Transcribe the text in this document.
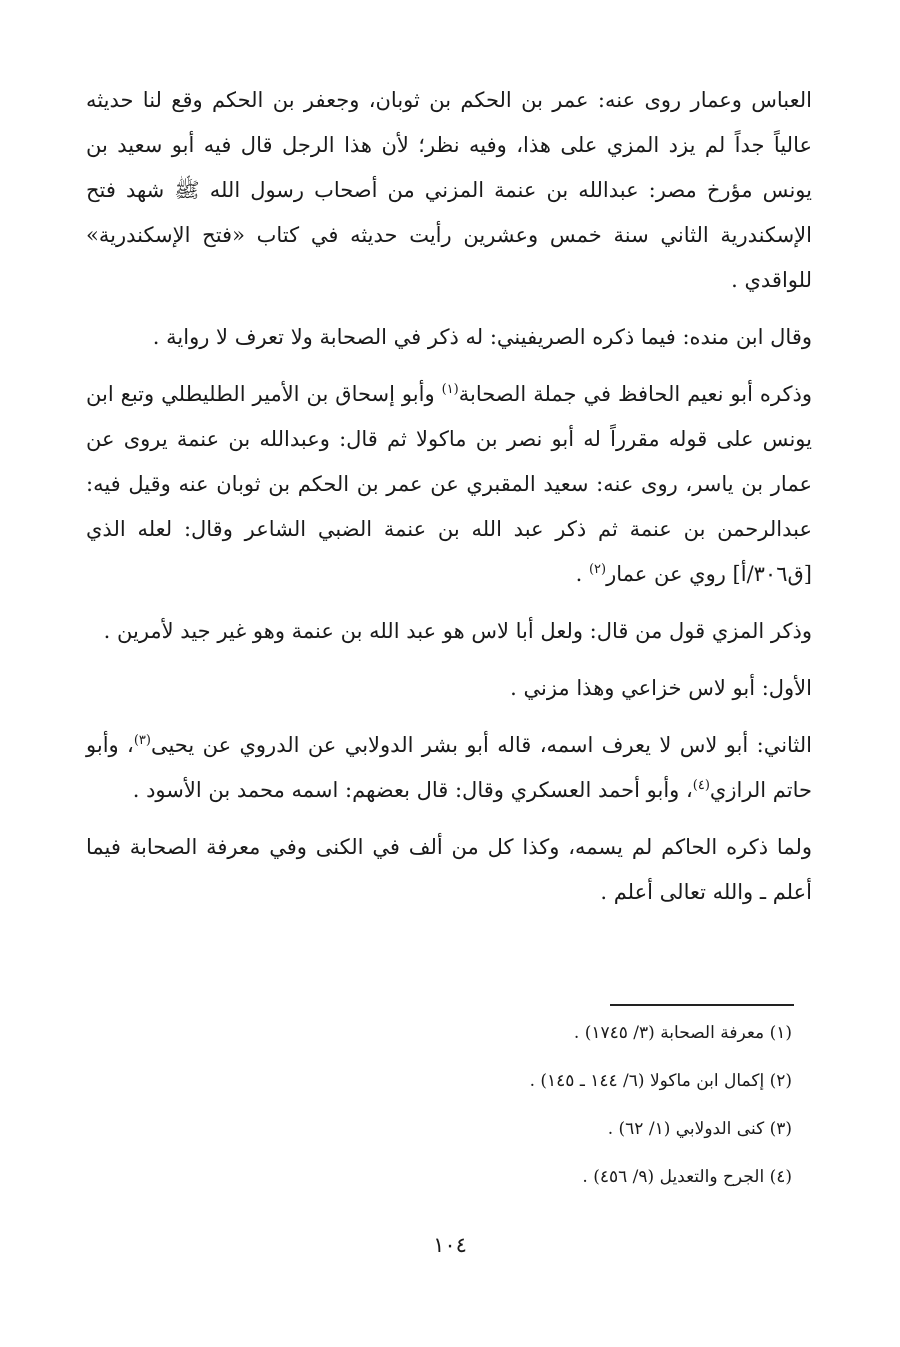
العباس وعمار روى عنه: عمر بن الحكم بن ثوبان، وجعفر بن الحكم وقع لنا حديثه عالياً جداً لم يزد المزي على هذا، وفيه نظر؛ لأن هذا الرجل قال فيه أبو سعيد بن يونس مؤرخ مصر: عبدالله بن عنمة المزني من أصحاب رسول الله ﷺ شهد فتح الإسكندرية الثاني سنة خمس وعشرين رأيت حديثه في كتاب «فتح الإسكندرية» للواقدي .

وقال ابن منده: فيما ذكره الصريفيني: له ذكر في الصحابة ولا تعرف لا رواية .

وذكره أبو نعيم الحافظ في جملة الصحابة$^{(١)}$ وأبو إسحاق بن الأمير الطليطلي وتبع ابن يونس على قوله مقرراً له أبو نصر بن ماكولا ثم قال: وعبدالله بن عنمة يروى عن عمار بن ياسر، روى عنه: سعيد المقبري عن عمر بن الحكم بن ثوبان عنه وقيل فيه: عبدالرحمن بن عنمة ثم ذكر عبد الله بن عنمة الضبي الشاعر وقال: لعله الذي [ق٣٠٦/أ] روي عن عمار$^{(٢)}$ .

وذكر المزي قول من قال: ولعل أبا لاس هو عبد الله بن عنمة وهو غير جيد لأمرين .

الأول: أبو لاس خزاعي وهذا مزني .

الثاني: أبو لاس لا يعرف اسمه، قاله أبو بشر الدولابي عن الدروي عن يحيى$^{(٣)}$، وأبو حاتم الرازي$^{(٤)}$، وأبو أحمد العسكري وقال: قال بعضهم: اسمه محمد بن الأسود .

ولما ذكره الحاكم لم يسمه، وكذا كل من ألف في الكنى وفي معرفة الصحابة فيما أعلم ـ والله تعالى أعلم .

(١) معرفة الصحابة (٣/ ١٧٤٥) .
(٢) إكمال ابن ماكولا (٦/ ١٤٤ ـ ١٤٥) .
(٣) كنى الدولابي (١/ ٦٢) .
(٤) الجرح والتعديل (٩/ ٤٥٦) .
١٠٤
